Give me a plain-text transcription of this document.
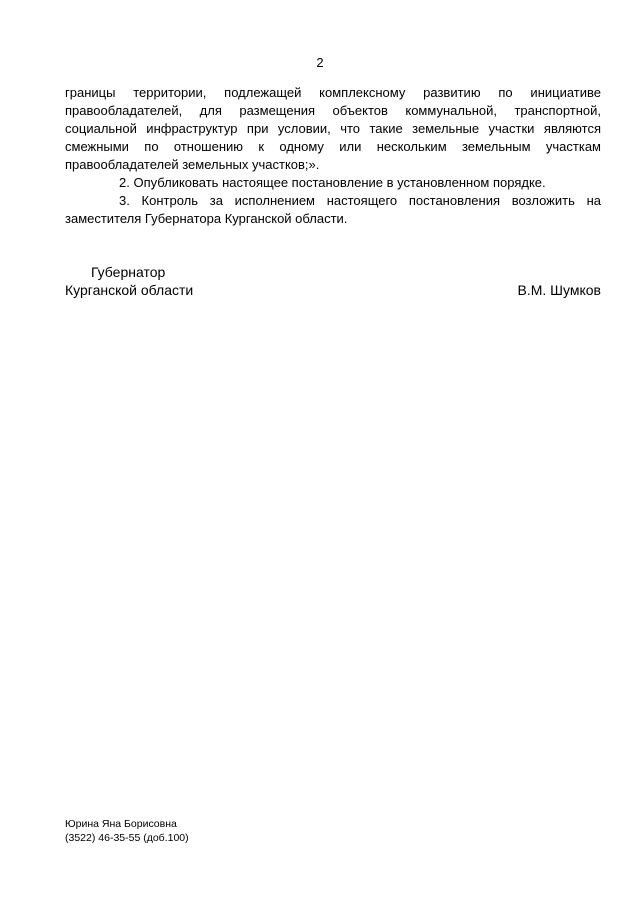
2
границы территории, подлежащей комплексному развитию по инициативе
правообладателей, для размещения объектов коммунальной, транспортной,
социальной инфраструктур при условии, что такие земельные участки являются
смежными по отношению к одному или нескольким земельным участкам
правообладателей земельных участков;».
2. Опубликовать настоящее постановление в установленном порядке.
3. Контроль за исполнением настоящего постановления возложить на
заместителя Губернатора Курганской области.
Губернатор
Курганской области	В.М. Шумков
Юрина Яна Борисовна
(3522) 46-35-55 (доб.100)
